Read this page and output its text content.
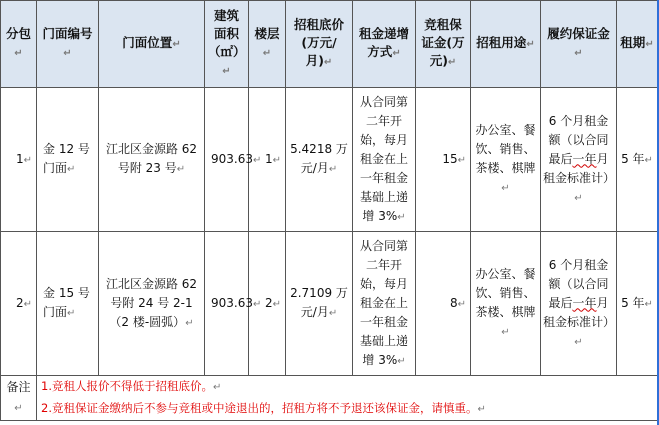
分包↵	门面编号↵	门面位置↵	建筑面积（㎡）↵	楼层↵	招租底价(万元/月)↵	租金递增方式↵	竞租保证金(万元)↵	招租用途↵	履约保证金↵	租期↵
1↵	金 12 号门面↵	江北区金源路 62 号附 23 号↵	903.63↵	1↵	5.4218 万元/月↵	从合同第二年开始，每月租金在上一年租金基础上递增 3%↵	15↵	办公室、餐饮、销售、茶楼、棋牌↵	6 个月租金额（以合同最后一年月租金标准计）↵	5 年↵
2↵	金 15 号门面↵	江北区金源路 62 号附 24 号 2-1（2 楼-圆弧）↵	903.63↵	2↵	2.7109 万元/月↵	从合同第二年开始，每月租金在上一年租金基础上递增 3%↵	8↵	办公室、餐饮、销售、茶楼、棋牌↵	6 个月租金额（以合同最后一年月租金标准计）↵	5 年↵
备注↵	1.竞租人报价不得低于招租底价。↵
2.竞租保证金缴纳后不参与竞租或中途退出的，招租方将不予退还该保证金，请慎重。↵									
